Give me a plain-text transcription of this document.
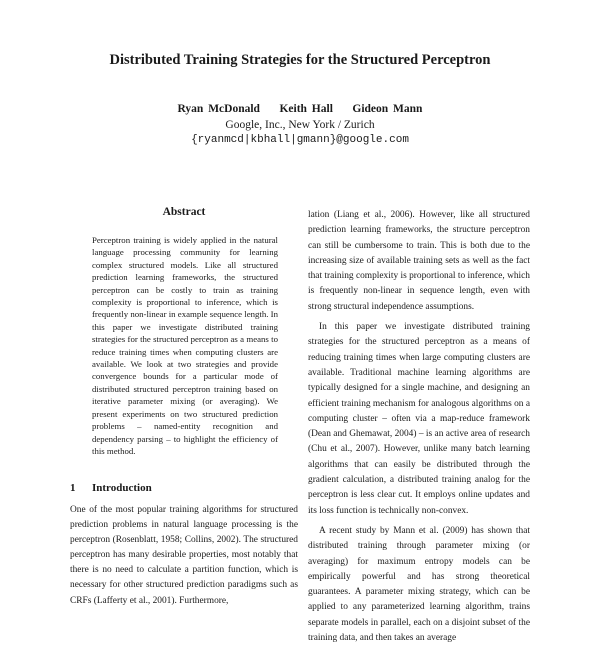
Distributed Training Strategies for the Structured Perceptron
Ryan McDonald    Keith Hall    Gideon Mann
Google, Inc., New York / Zurich
{ryanmcd|kbhall|gmann}@google.com
Abstract
Perceptron training is widely applied in the natural language processing community for learning complex structured models. Like all structured prediction learning frameworks, the structured perceptron can be costly to train as training complexity is proportional to inference, which is frequently non-linear in example sequence length. In this paper we investigate distributed training strategies for the structured perceptron as a means to reduce training times when computing clusters are available. We look at two strategies and provide convergence bounds for a particular mode of distributed structured perceptron training based on iterative parameter mixing (or averaging). We present experiments on two structured prediction problems – named-entity recognition and dependency parsing – to highlight the efficiency of this method.
1 Introduction
One of the most popular training algorithms for structured prediction problems in natural language processing is the perceptron (Rosenblatt, 1958; Collins, 2002). The structured perceptron has many desirable properties, most notably that there is no need to calculate a partition function, which is necessary for other structured prediction paradigms such as CRFs (Lafferty et al., 2001). Furthermore,

lation (Liang et al., 2006). However, like all structured prediction learning frameworks, the structure perceptron can still be cumbersome to train. This is both due to the increasing size of available training sets as well as the fact that training complexity is proportional to inference, which is frequently non-linear in sequence length, even with strong structural independence assumptions.

In this paper we investigate distributed training strategies for the structured perceptron as a means of reducing training times when large computing clusters are available. Traditional machine learning algorithms are typically designed for a single machine, and designing an efficient training mechanism for analogous algorithms on a computing cluster – often via a map-reduce framework (Dean and Ghemawat, 2004) – is an active area of research (Chu et al., 2007). However, unlike many batch learning algorithms that can easily be distributed through the gradient calculation, a distributed training analog for the perceptron is less clear cut. It employs online updates and its loss function is technically non-convex.

A recent study by Mann et al. (2009) has shown that distributed training through parameter mixing (or averaging) for maximum entropy models can be empirically powerful and has strong theoretical guarantees. A parameter mixing strategy, which can be applied to any parameterized learning algorithm, trains separate models in parallel, each on a disjoint subset of the training data, and then takes an average
